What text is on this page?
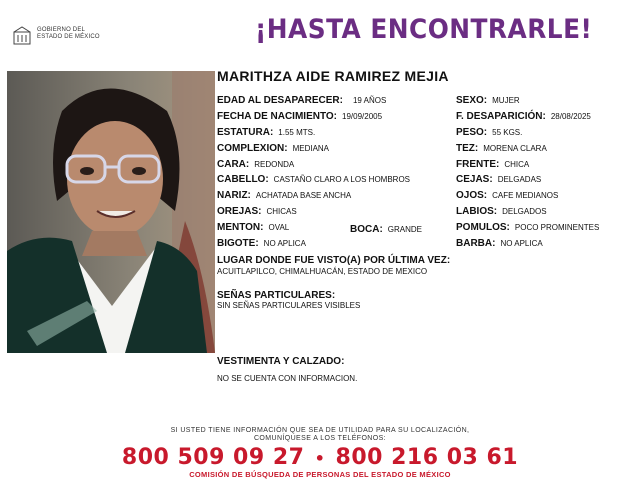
GOBIERNO DEL
ESTADO DE MÉXICO	¡HASTA ENCONTRARLE!
MARITHZA AIDE RAMIREZ MEJIA
EDAD AL DESAPARECER: 19 AÑOS
FECHA DE NACIMIENTO: 19/09/2005
ESTATURA: 1.55 MTS.
COMPLEXION: MEDIANA
CARA: REDONDA
CABELLO: CASTAÑO CLARO A LOS HOMBROS
NARIZ: ACHATADA BASE ANCHA
OREJAS: CHICAS
MENTON: OVAL	BOCA: GRANDE
BIGOTE: NO APLICA
SEXO: MUJER
F. DESAPARICIÓN: 28/08/2025
PESO: 55 KGS.
TEZ: MORENA CLARA
FRENTE: CHICA
CEJAS: DELGADAS
OJOS: CAFE MEDIANOS
LABIOS: DELGADOS
POMULOS: POCO PROMINENTES
BARBA: NO APLICA
LUGAR DONDE FUE VISTO(A) POR ÚLTIMA VEZ:
ACUITLAPILCO, CHIMALHUACÁN, ESTADO DE MEXICO
SEÑAS PARTICULARES:
SIN SEÑAS PARTICULARES VISIBLES
VESTIMENTA Y CALZADO:
NO SE CUENTA CON INFORMACION.
SI USTED TIENE INFORMACIÓN QUE SEA DE UTILIDAD PARA SU LOCALIZACIÓN,
COMUNÍQUESE A LOS TELÉFONOS:
800 509 09 27 • 800 216 03 61
COMISIÓN DE BÚSQUEDA DE PERSONAS DEL ESTADO DE MÉXICO
